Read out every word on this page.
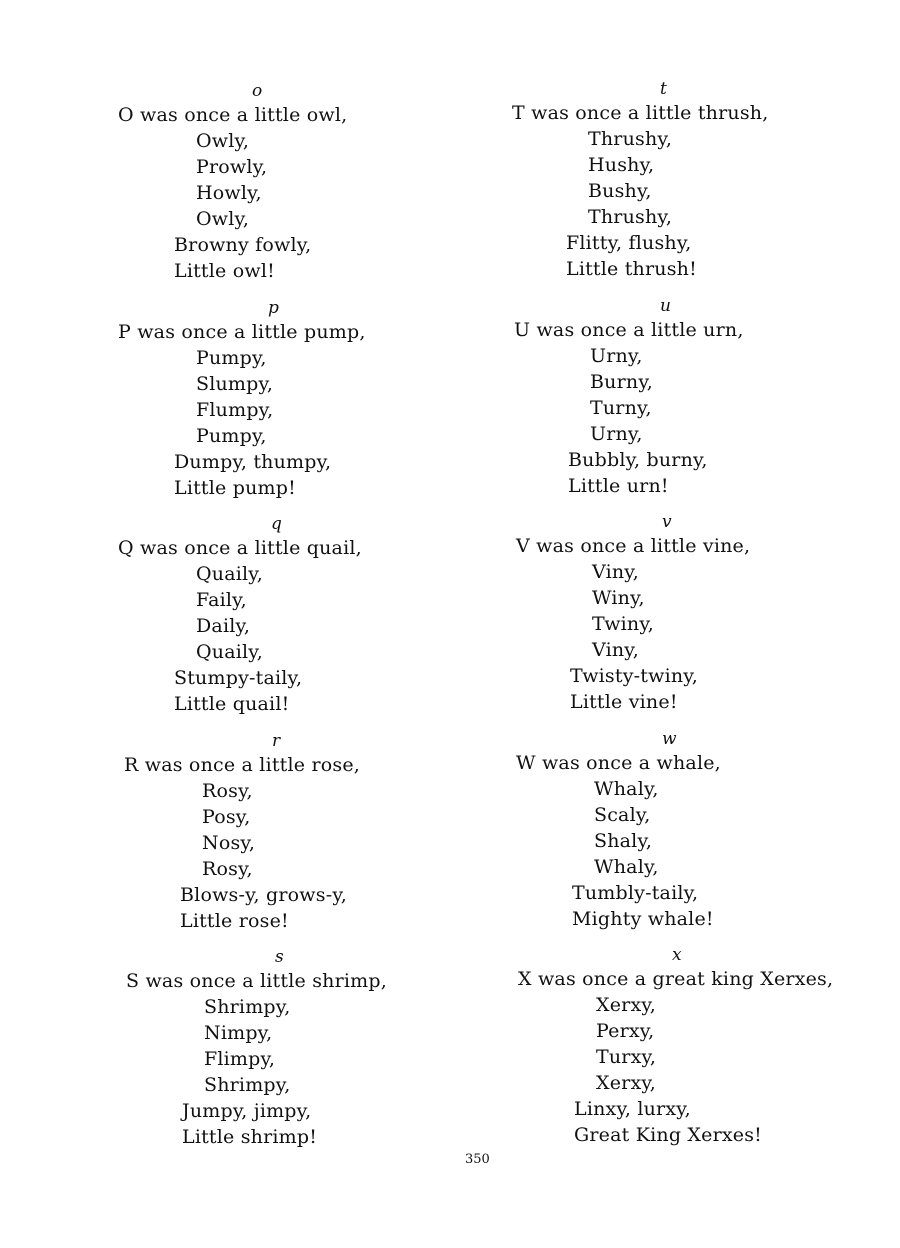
o
O was once a little owl,
Owly,
Prowly,
Howly,
Owly,
Browny fowly,
Little owl!
p
P was once a little pump,
Pumpy,
Slumpy,
Flumpy,
Pumpy,
Dumpy, thumpy,
Little pump!
q
Q was once a little quail,
Quaily,
Faily,
Daily,
Quaily,
Stumpy-taily,
Little quail!
r
R was once a little rose,
Rosy,
Posy,
Nosy,
Rosy,
Blows-y, grows-y,
Little rose!
s
S was once a little shrimp,
Shrimpy,
Nimpy,
Flimpy,
Shrimpy,
Jumpy, jimpy,
Little shrimp!
t
T was once a little thrush,
Thrushy,
Hushy,
Bushy,
Thrushy,
Flitty, flushy,
Little thrush!
u
U was once a little urn,
Urny,
Burny,
Turny,
Urny,
Bubbly, burny,
Little urn!
v
V was once a little vine,
Viny,
Winy,
Twiny,
Viny,
Twisty-twiny,
Little vine!
w
W was once a whale,
Whaly,
Scaly,
Shaly,
Whaly,
Tumbly-taily,
Mighty whale!
x
X was once a great king Xerxes,
Xerxy,
Perxy,
Turxy,
Xerxy,
Linxy, lurxy,
Great King Xerxes!
350
